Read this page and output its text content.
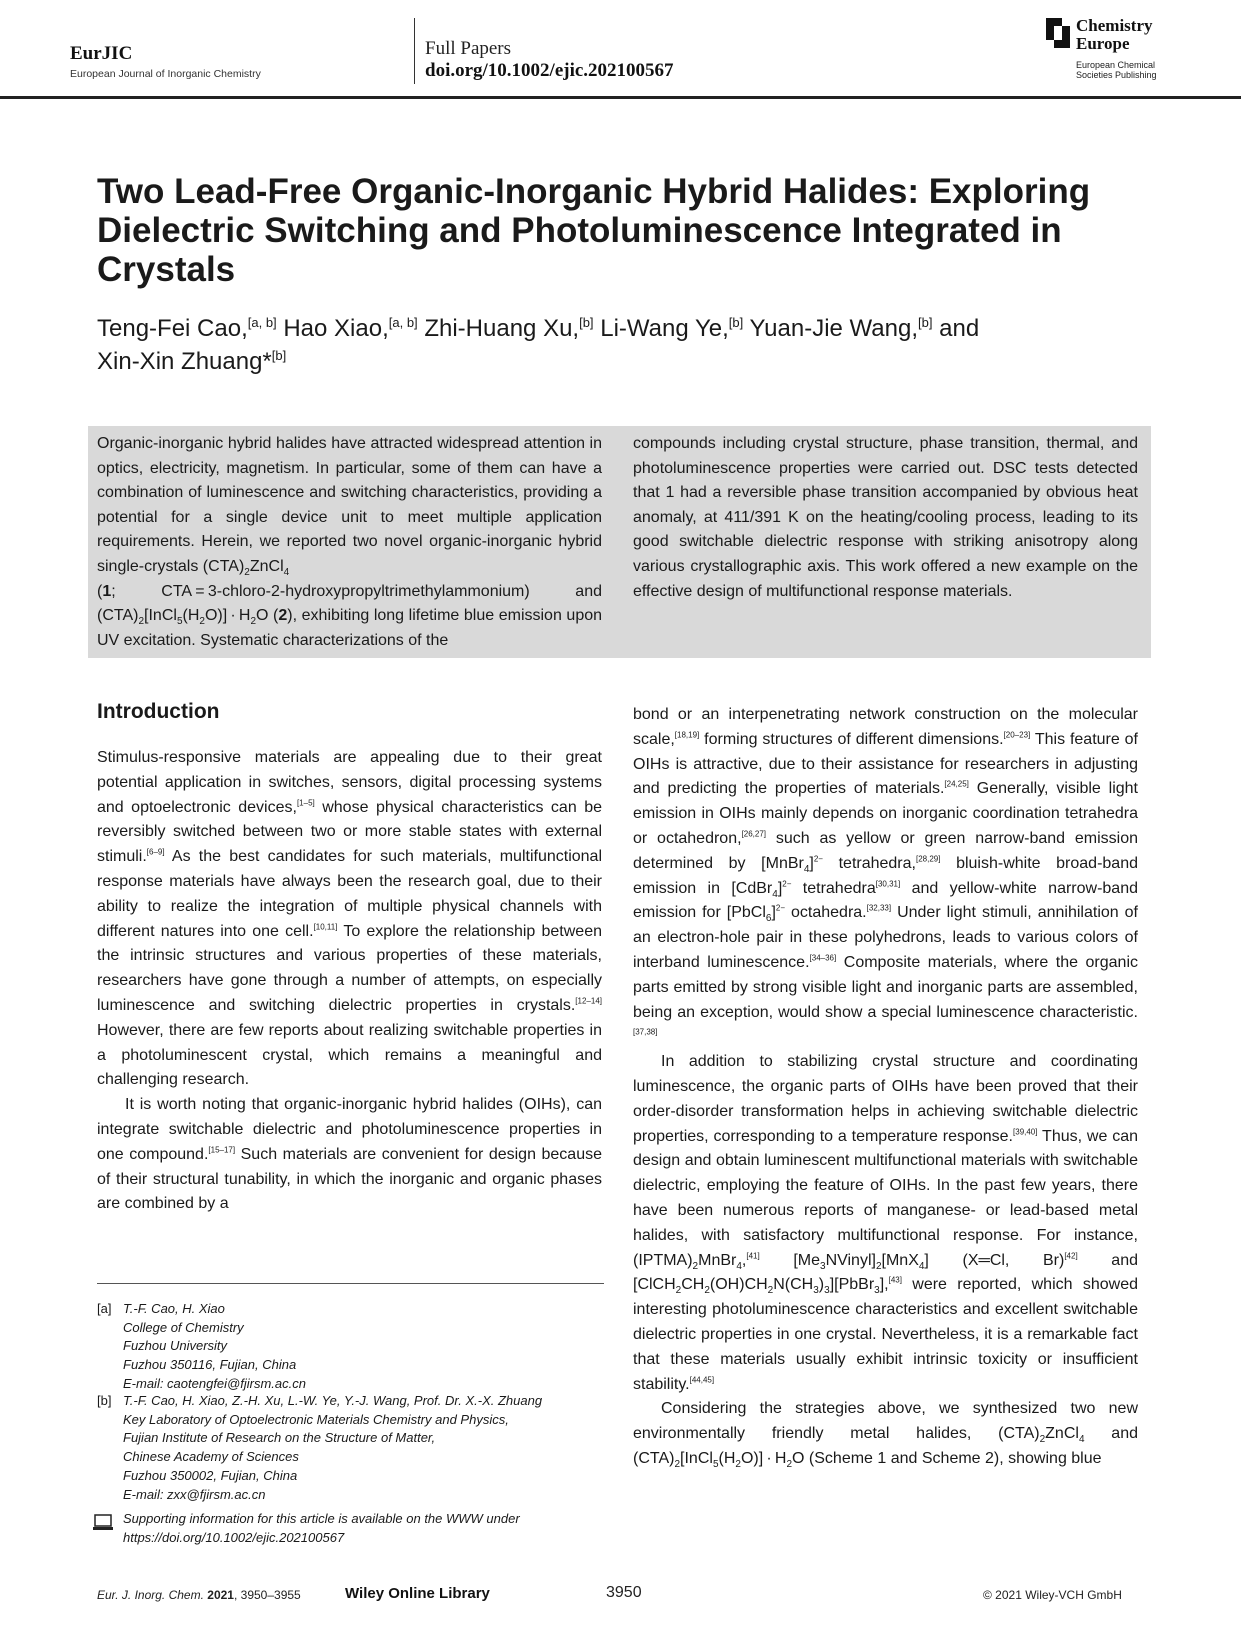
EurJIC
European Journal of Inorganic Chemistry
Full Papers
doi.org/10.1002/ejic.202100567
Chemistry
Europe
European Chemical
Societies Publishing
Two Lead-Free Organic-Inorganic Hybrid Halides: Exploring Dielectric Switching and Photoluminescence Integrated in Crystals
Teng-Fei Cao,[a, b] Hao Xiao,[a, b] Zhi-Huang Xu,[b] Li-Wang Ye,[b] Yuan-Jie Wang,[b] and
Xin-Xin Zhuang*[b]
Organic-inorganic hybrid halides have attracted widespread attention in optics, electricity, magnetism. In particular, some of them can have a combination of luminescence and switching characteristics, providing a potential for a single device unit to meet multiple application requirements. Herein, we reported two novel organic-inorganic hybrid single-crystals $(CTA)_2ZnCl_4$
(1; CTA = 3-chloro-2-hydroxypropyltrimethylammonium) and $(CTA)_2[InCl_5(H_2O)] \cdot H_2O$ (2), exhibiting long lifetime blue emission upon UV excitation. Systematic characterizations of the
compounds including crystal structure, phase transition, thermal, and photoluminescence properties were carried out. DSC tests detected that 1 had a reversible phase transition accompanied by obvious heat anomaly, at 411/391 K on the heating/cooling process, leading to its good switchable dielectric response with striking anisotropy along various crystallographic axis. This work offered a new example on the effective design of multifunctional response materials.
Introduction

Stimulus-responsive materials are appealing due to their great potential application in switches, sensors, digital processing systems and optoelectronic devices,[1–5] whose physical characteristics can be reversibly switched between two or more stable states with external stimuli.[6–9] As the best candidates for such materials, multifunctional response materials have always been the research goal, due to their ability to realize the integration of multiple physical channels with different natures into one cell.[10,11] To explore the relationship between the intrinsic structures and various properties of these materials, researchers have gone through a number of attempts, on especially luminescence and switching dielectric properties in crystals.[12–14] However, there are few reports about realizing switchable properties in a photoluminescent crystal, which remains a meaningful and challenging research.

It is worth noting that organic-inorganic hybrid halides (OIHs), can integrate switchable dielectric and photoluminescence properties in one compound.[15–17] Such materials are convenient for design because of their structural tunability, in which the inorganic and organic phases are combined by a

bond or an interpenetrating network construction on the molecular scale,[18,19] forming structures of different dimensions.[20–23] This feature of OIHs is attractive, due to their assistance for researchers in adjusting and predicting the properties of materials.[24,25] Generally, visible light emission in OIHs mainly depends on inorganic coordination tetrahedra or octahedron,[26,27] such as yellow or green narrow-band emission determined by [MnBr$_4$]$^{2-}$ tetrahedra,[28,29] bluish-white broad-band emission in [CdBr$_4$]$^{2-}$ tetrahedra[30,31] and yellow-white narrow-band emission for [PbCl$_6$]$^{2-}$ octahedra.[32,33] Under light stimuli, annihilation of an electron-hole pair in these polyhedrons, leads to various colors of interband luminescence.[34–36] Composite materials, where the organic parts emitted by strong visible light and inorganic parts are assembled, being an exception, would show a special luminescence characteristic.[37,38]

In addition to stabilizing crystal structure and coordinating luminescence, the organic parts of OIHs have been proved that their order-disorder transformation helps in achieving switchable dielectric properties, corresponding to a temperature response.[39,40] Thus, we can design and obtain luminescent multifunctional materials with switchable dielectric, employing the feature of OIHs. In the past few years, there have been numerous reports of manganese- or lead-based metal halides, with satisfactory multifunctional response. For instance, $(IPTMA)_2MnBr_4,[41]$ $[Me_3NVinyl]_2[MnX_4]$ (X═Cl, Br)[42] and $[ClCH_2CH_2(OH)CH_2N(CH_3)_3][PbBr_3],[43]$ were reported, which showed interesting photoluminescence characteristics and excellent switchable dielectric properties in one crystal. Nevertheless, it is a remarkable fact that these materials usually exhibit intrinsic toxicity or insufficient stability.[44,45]

Considering the strategies above, we synthesized two new environmentally friendly metal halides, $(CTA)_2ZnCl_4$ and $(CTA)_2[InCl_5(H_2O)] \cdot H_2O$ (Scheme 1 and Scheme 2), showing blue

[a] T.-F. Cao, H. Xiao
College of Chemistry
Fuzhou University
Fuzhou 350116, Fujian, China
E-mail: caotengfei@fjirsm.ac.cn
[b] T.-F. Cao, H. Xiao, Z.-H. Xu, L.-W. Ye, Y.-J. Wang, Prof. Dr. X.-X. Zhuang
Key Laboratory of Optoelectronic Materials Chemistry and Physics,
Fujian Institute of Research on the Structure of Matter,
Chinese Academy of Sciences
Fuzhou 350002, Fujian, China
E-mail: zxx@fjirsm.ac.cn
Supporting information for this article is available on the WWW under
https://doi.org/10.1002/ejic.202100567
Eur. J. Inorg. Chem. 2021, 3950–3955	Wiley Online Library	3950	© 2021 Wiley-VCH GmbH
